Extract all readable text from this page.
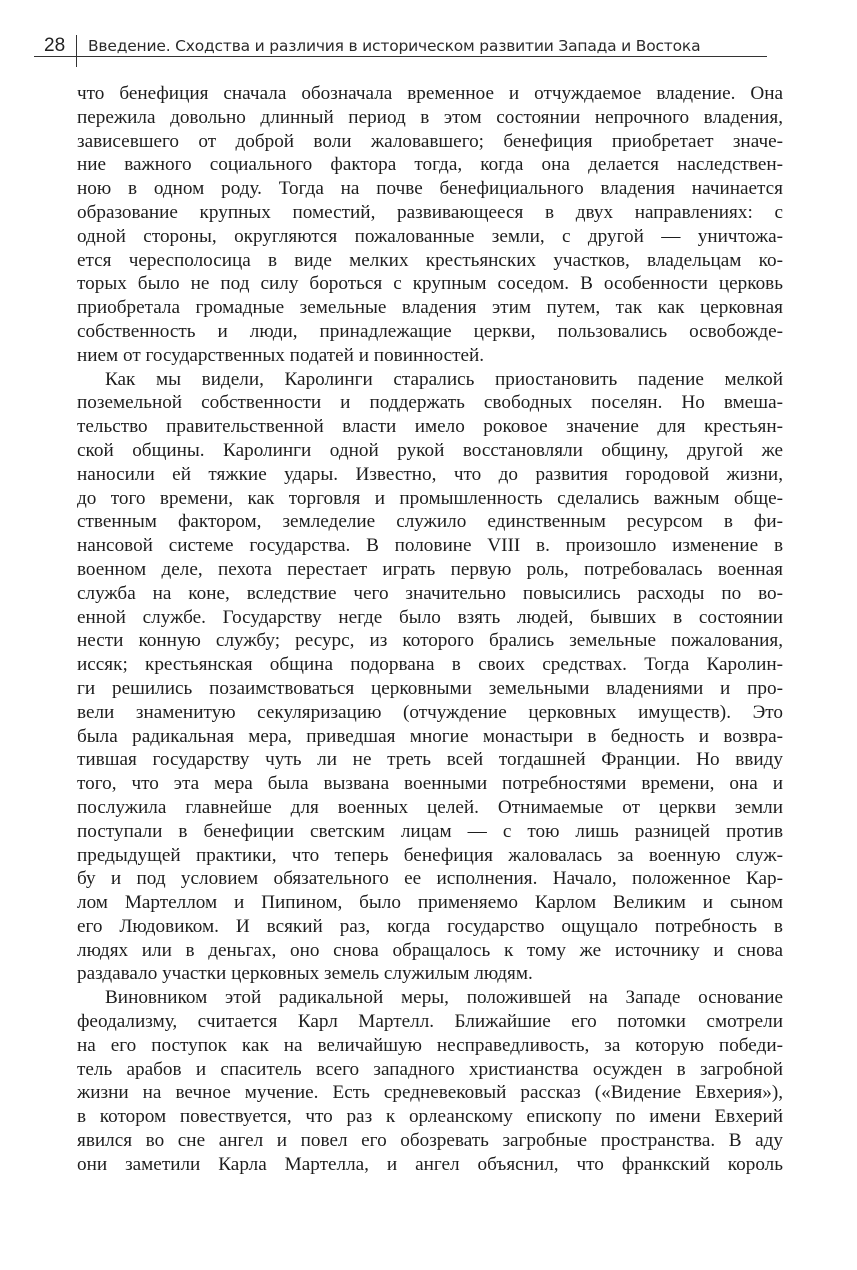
28 Введение. Сходства и различия в историческом развитии Запада и Востока
что бенефиция сначала обозначала временное и отчуждаемое владение. Она
пережила довольно длинный период в этом состоянии непрочного владения,
зависевшего от доброй воли жаловавшего; бенефиция приобретает значе-
ние важного социального фактора тогда, когда она делается наследствен-
ною в одном роду. Тогда на почве бенефициального владения начинается
образование крупных поместий, развивающееся в двух направлениях: с
одной стороны, округляются пожалованные земли, с другой — уничтожа-
ется чересполосица в виде мелких крестьянских участков, владельцам ко-
торых было не под силу бороться с крупным соседом. В особенности церковь
приобретала громадные земельные владения этим путем, так как церковная
собственность и люди, принадлежащие церкви, пользовались освобожде-
нием от государственных податей и повинностей.
Как мы видели, Каролинги старались приостановить падение мелкой
поземельной собственности и поддержать свободных поселян. Но вмеша-
тельство правительственной власти имело роковое значение для крестьян-
ской общины. Каролинги одной рукой восстановляли общину, другой же
наносили ей тяжкие удары. Известно, что до развития городовой жизни,
до того времени, как торговля и промышленность сделались важным обще-
ственным фактором, земледелие служило единственным ресурсом в фи-
нансовой системе государства. В половине VIII в. произошло изменение в
военном деле, пехота перестает играть первую роль, потребовалась военная
служба на коне, вследствие чего значительно повысились расходы по во-
енной службе. Государству негде было взять людей, бывших в состоянии
нести конную службу; ресурс, из которого брались земельные пожалования,
иссяк; крестьянская община подорвана в своих средствах. Тогда Каролин-
ги решились позаимствоваться церковными земельными владениями и про-
вели знаменитую секуляризацию (отчуждение церковных имуществ). Это
была радикальная мера, приведшая многие монастыри в бедность и возвра-
тившая государству чуть ли не треть всей тогдашней Франции. Но ввиду
того, что эта мера была вызвана военными потребностями времени, она и
послужила главнейше для военных целей. Отнимаемые от церкви земли
поступали в бенефиции светским лицам — с тою лишь разницей против
предыдущей практики, что теперь бенефиция жаловалась за военную служ-
бу и под условием обязательного ее исполнения. Начало, положенное Кар-
лом Мартеллом и Пипином, было применяемо Карлом Великим и сыном
его Людовиком. И всякий раз, когда государство ощущало потребность в
людях или в деньгах, оно снова обращалось к тому же источнику и снова
раздавало участки церковных земель служилым людям.
Виновником этой радикальной меры, положившей на Западе основание
феодализму, считается Карл Мартелл. Ближайшие его потомки смотрели
на его поступок как на величайшую несправедливость, за которую победи-
тель арабов и спаситель всего западного христианства осужден в загробной
жизни на вечное мучение. Есть средневековый рассказ («Видение Евхерия»),
в котором повествуется, что раз к орлеанскому епископу по имени Евхерий
явился во сне ангел и повел его обозревать загробные пространства. В аду
они заметили Карла Мартелла, и ангел объяснил, что франкский король
